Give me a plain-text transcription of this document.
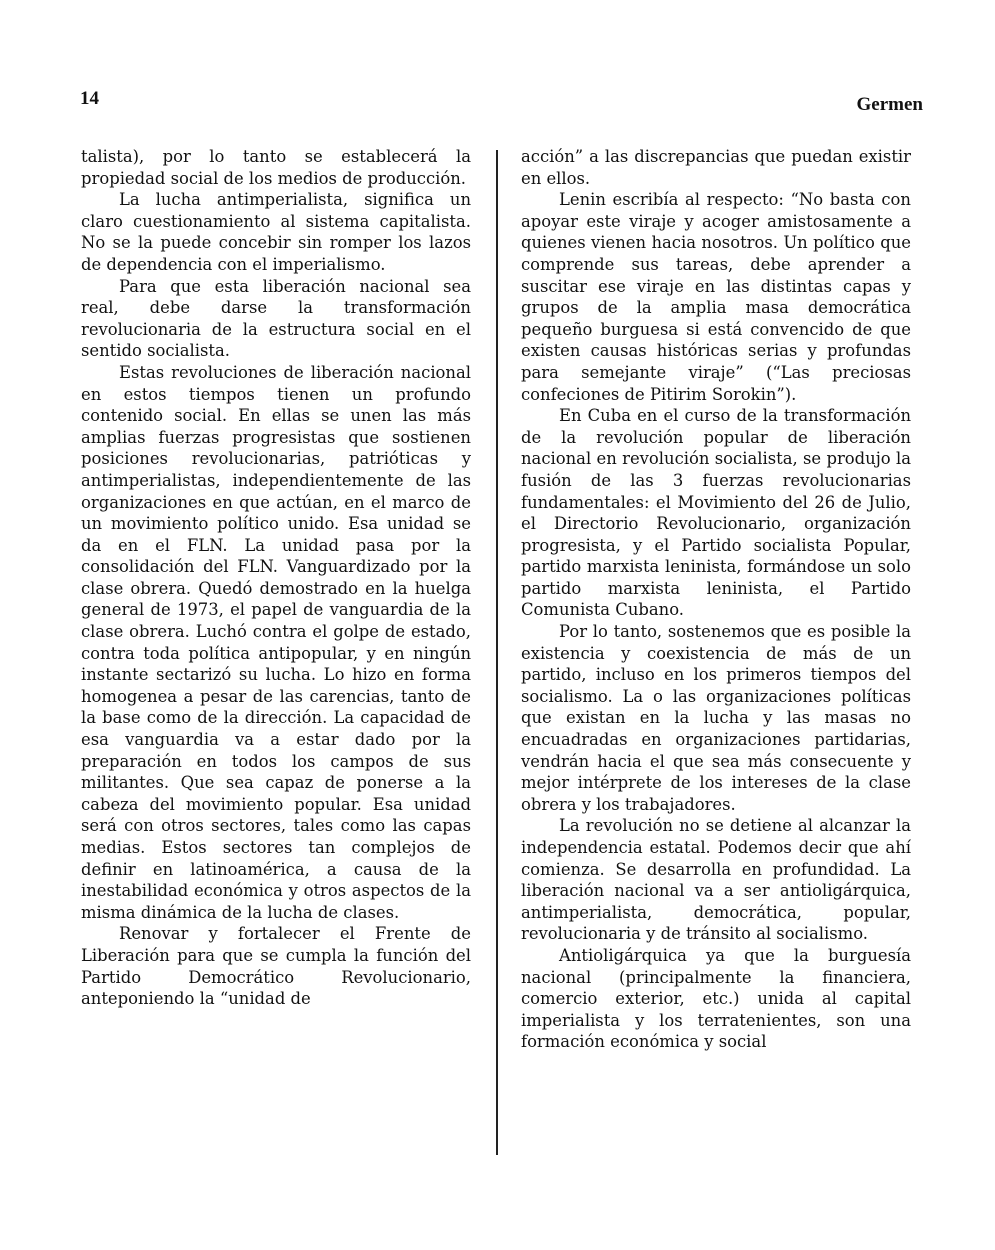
14	Germen

talista), por lo tanto se establecerá la propiedad social de los medios de producción.

La lucha antimperialista, significa un claro cuestionamiento al sistema capitalista. No se la puede concebir sin romper los lazos de dependencia con el imperialismo.

Para que esta liberación nacional sea real, debe darse la transformación revolucionaria de la estructura social en el sentido socialista.

Estas revoluciones de liberación nacional en estos tiempos tienen un profundo contenido social. En ellas se unen las más amplias fuerzas progresistas que sostienen posiciones revolucionarias, patrióticas y antimperialistas, independientemente de las organizaciones en que actúan, en el marco de un movimiento político unido. Esa unidad se da en el FLN. La unidad pasa por la consolidación del FLN. Vanguardizado por la clase obrera. Quedó demostrado en la huelga general de 1973, el papel de vanguardia de la clase obrera. Luchó contra el golpe de estado, contra toda política antipopular, y en ningún instante sectarizó su lucha. Lo hizo en forma homogenea a pesar de las carencias, tanto de la base como de la dirección. La capacidad de esa vanguardia va a estar dado por la preparación en todos los campos de sus militantes. Que sea capaz de ponerse a la cabeza del movimiento popular. Esa unidad será con otros sectores, tales como las capas medias. Estos sectores tan complejos de definir en latinoamérica, a causa de la inestabilidad económica y otros aspectos de la misma dinámica de la lucha de clases.

Renovar y fortalecer el Frente de Liberación para que se cumpla la función del Partido Democrático Revolucionario, anteponiendo la “unidad de

acción” a las discrepancias que puedan existir en ellos.

Lenin escribía al respecto: “No basta con apoyar este viraje y acoger amistosamente a quienes vienen hacia nosotros. Un político que comprende sus tareas, debe aprender a suscitar ese viraje en las distintas capas y grupos de la amplia masa democrática pequeño burguesa si está convencido de que existen causas históricas serias y profundas para semejante viraje” (“Las preciosas confeciones de Pitirim Sorokin”).

En Cuba en el curso de la transformación de la revolución popular de liberación nacional en revolución socialista, se produjo la fusión de las 3 fuerzas revolucionarias fundamentales: el Movimiento del 26 de Julio, el Directorio Revolucionario, organización progresista, y el Partido socialista Popular, partido marxista leninista, formándose un solo partido marxista leninista, el Partido Comunista Cubano.

Por lo tanto, sostenemos que es posible la existencia y coexistencia de más de un partido, incluso en los primeros tiempos del socialismo. La o las organizaciones políticas que existan en la lucha y las masas no encuadradas en organizaciones partidarias, vendrán hacia el que sea más consecuente y mejor intérprete de los intereses de la clase obrera y los trabajadores.

La revolución no se detiene al alcanzar la independencia estatal. Podemos decir que ahí comienza. Se desarrolla en profundidad. La liberación nacional va a ser antioligárquica, antimperialista, democrática, popular, revolucionaria y de tránsito al socialismo.

Antioligárquica ya que la burguesía nacional (principalmente la financiera, comercio exterior, etc.) unida al capital imperialista y los terratenientes, son una formación económica y social
